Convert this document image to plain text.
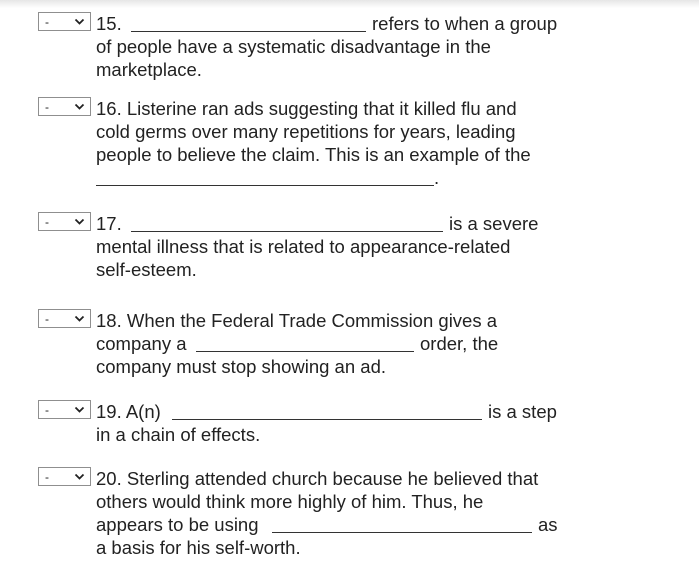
-	15.	refers to when a group
of people have a systematic disadvantage in the
marketplace.
-	16. Listerine ran ads suggesting that it killed flu and
cold germs over many repetitions for years, leading
people to believe the claim. This is an example of the
.
-	17.	is a severe
mental illness that is related to appearance-related
self-esteem.
-	18. When the Federal Trade Commission gives a
company a	order, the
company must stop showing an ad.
-	19. A(n)	is a step
in a chain of effects.
-	20. Sterling attended church because he believed that
others would think more highly of him. Thus, he
appears to be using	as
a basis for his self-worth.
